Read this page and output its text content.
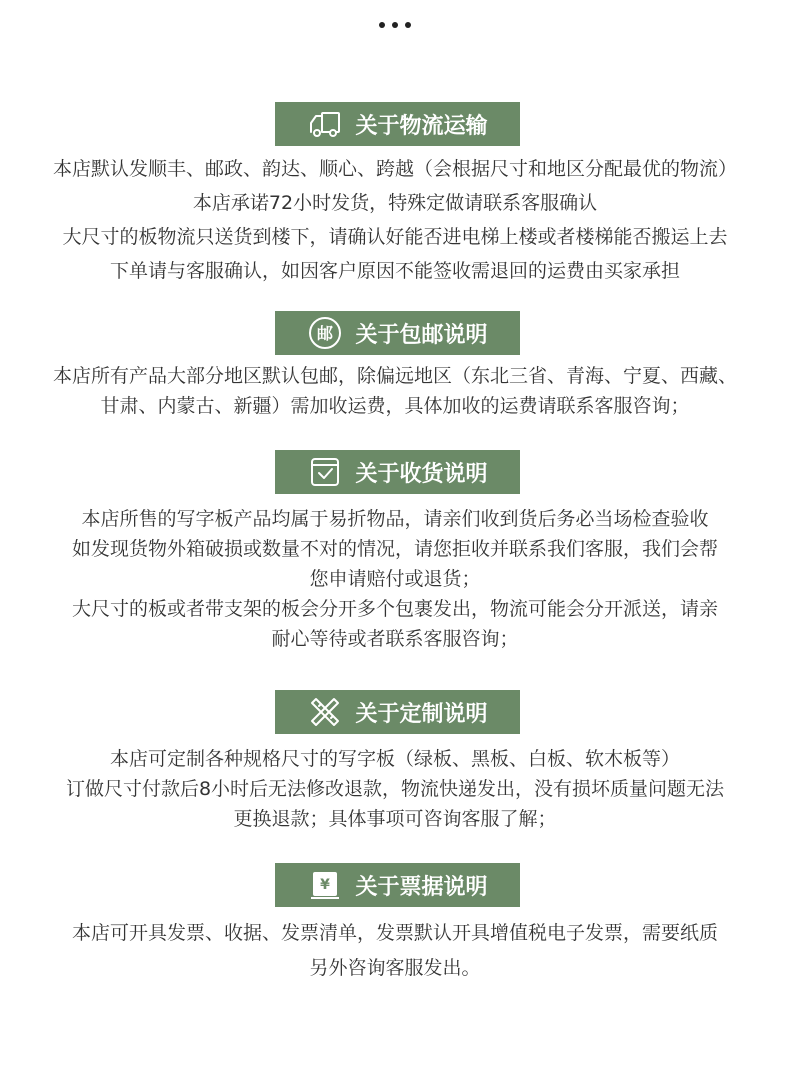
关于物流运输
本店默认发顺丰、邮政、韵达、顺心、跨越（会根据尺寸和地区分配最优的物流）
本店承诺72小时发货，特殊定做请联系客服确认
大尺寸的板物流只送货到楼下，请确认好能否进电梯上楼或者楼梯能否搬运上去
下单请与客服确认，如因客户原因不能签收需退回的运费由买家承担
邮 关于包邮说明
本店所有产品大部分地区默认包邮，除偏远地区（东北三省、青海、宁夏、西藏、
甘肃、内蒙古、新疆）需加收运费，具体加收的运费请联系客服咨询；
关于收货说明
本店所售的写字板产品均属于易折物品，请亲们收到货后务必当场检查验收
如发现货物外箱破损或数量不对的情况，请您拒收并联系我们客服，我们会帮
您申请赔付或退货；
大尺寸的板或者带支架的板会分开多个包裹发出，物流可能会分开派送，请亲
耐心等待或者联系客服咨询；
关于定制说明
本店可定制各种规格尺寸的写字板（绿板、黑板、白板、软木板等）
订做尺寸付款后8小时后无法修改退款，物流快递发出，没有损坏质量问题无法
更换退款；具体事项可咨询客服了解；
¥ 关于票据说明
本店可开具发票、收据、发票清单，发票默认开具增值税电子发票，需要纸质
另外咨询客服发出。
